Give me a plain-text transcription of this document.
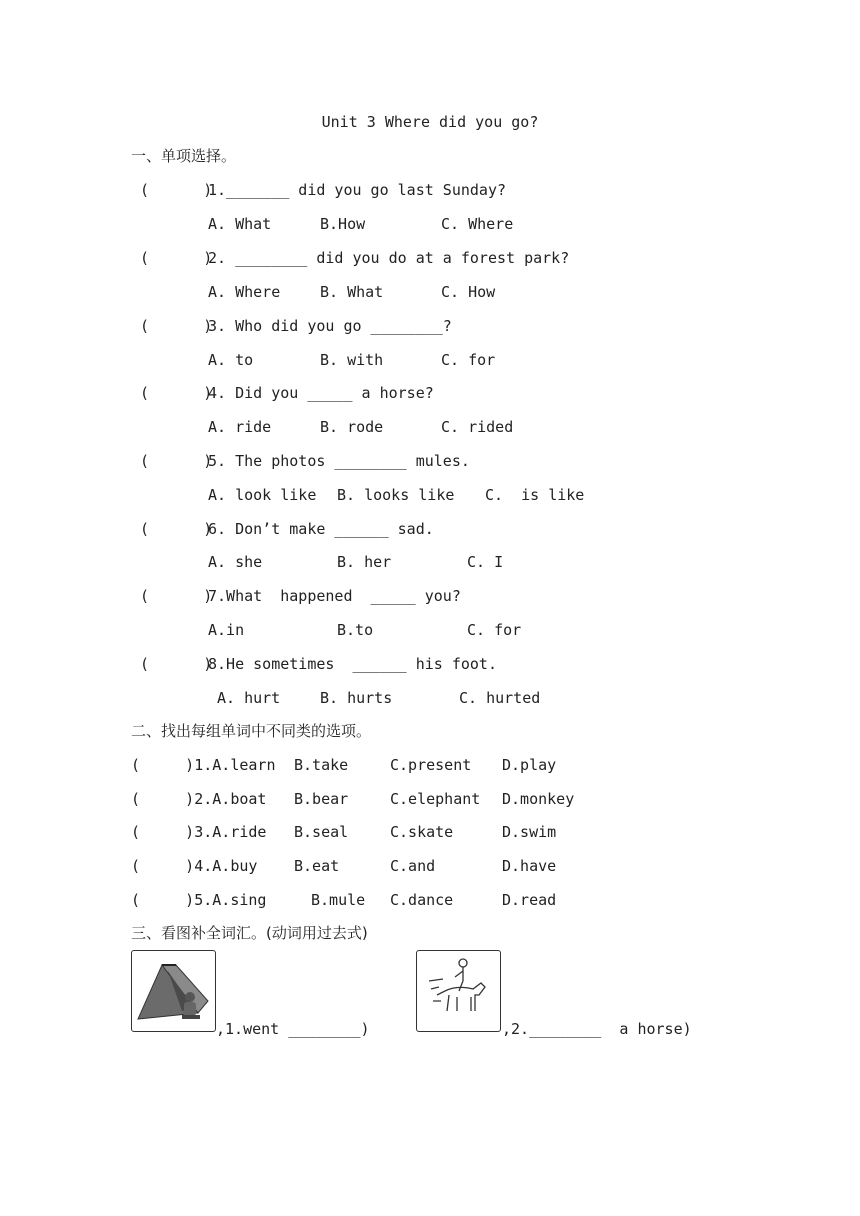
Unit 3 Where did you go?
一、单项选择。
(      )
1._______ did you go last Sunday?
A. What	B.How	C. Where
(      )
2. ________ did you do at a forest park?
A. Where	B. What	C. How
(      )
3. Who did you go ________?
A. to	B. with	C. for
(      )
4. Did you _____ a horse?
A. ride	B. rode	C. rided
(      )
5. The photos ________ mules.
A. look like B. looks like C.  is like
(      )
6. Don’t make ______ sad.
A. she	B. her	C. I
(      )
7.What  happened  _____ you?
A.in	B.to	C. for
(      )
8.He sometimes  ______ his foot.
A. hurt	B. hurts	C. hurted
二、找出每组单词中不同类的选项。
(     )1.A.learn B.take	C.present D.play
(     )2.A.boat B.bear	C.elephant D.monkey
(     )3.A.ride B.seal	C.skate	D.swim
(     )4.A.buy B.eat	C.and	D.have
(     )5.A.sing	B.mule C.dance	D.read
三、看图补全词汇。(动词用过去式)
,1.went ________)	,2.________  a horse)
